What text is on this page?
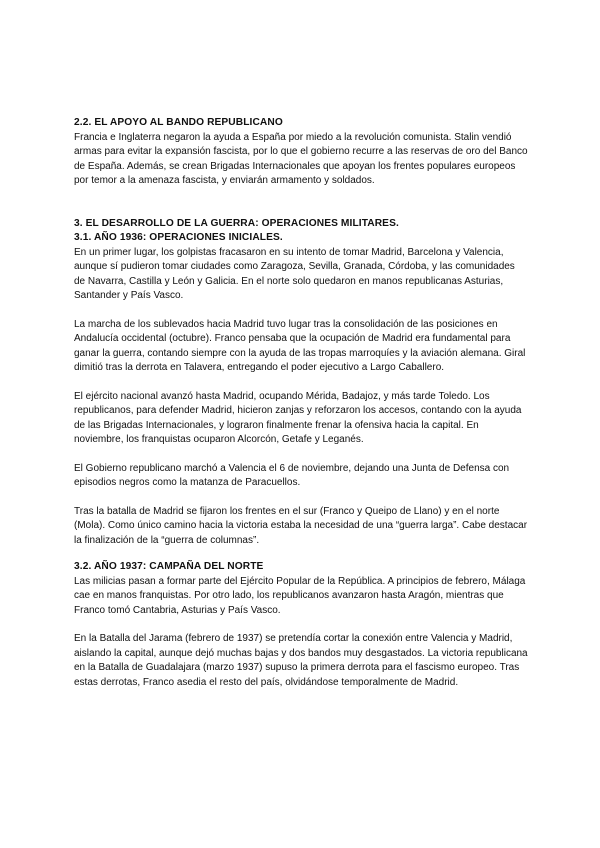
2.2. EL APOYO AL BANDO REPUBLICANO

Francia e Inglaterra negaron la ayuda a España por miedo a la revolución comunista. Stalin vendió armas para evitar la expansión fascista, por lo que el gobierno recurre a las reservas de oro del Banco de España. Además, se crean Brigadas Internacionales que apoyan los frentes populares europeos por temor a la amenaza fascista, y enviarán armamento y soldados.

3. EL DESARROLLO DE LA GUERRA: OPERACIONES MILITARES.
3.1. AÑO 1936: OPERACIONES INICIALES.

En un primer lugar, los golpistas fracasaron en su intento de tomar Madrid, Barcelona y Valencia, aunque sí pudieron tomar ciudades como Zaragoza, Sevilla, Granada, Córdoba, y las comunidades de Navarra, Castilla y León y Galicia. En el norte solo quedaron en manos republicanas Asturias, Santander y País Vasco.

La marcha de los sublevados hacia Madrid tuvo lugar tras la consolidación de las posiciones en Andalucía occidental (octubre). Franco pensaba que la ocupación de Madrid era fundamental para ganar la guerra, contando siempre con la ayuda de las tropas marroquíes y la aviación alemana. Giral dimitió tras la derrota en Talavera, entregando el poder ejecutivo a Largo Caballero.

El ejército nacional avanzó hasta Madrid, ocupando Mérida, Badajoz, y más tarde Toledo. Los republicanos, para defender Madrid, hicieron zanjas y reforzaron los accesos, contando con la ayuda de las Brigadas Internacionales, y lograron finalmente frenar la ofensiva hacia la capital. En noviembre, los franquistas ocuparon Alcorcón, Getafe y Leganés.

El Gobierno republicano marchó a Valencia el 6 de noviembre, dejando una Junta de Defensa con episodios negros como la matanza de Paracuellos.

Tras la batalla de Madrid se fijaron los frentes en el sur (Franco y Queipo de Llano) y en el norte (Mola). Como único camino hacia la victoria estaba la necesidad de una “guerra larga”. Cabe destacar la finalización de la “guerra de columnas”.

3.2. AÑO 1937: CAMPAÑA DEL NORTE

Las milicias pasan a formar parte del Ejército Popular de la República. A principios de febrero, Málaga cae en manos franquistas. Por otro lado, los republicanos avanzaron hasta Aragón, mientras que Franco tomó Cantabria, Asturias y País Vasco.

En la Batalla del Jarama (febrero de 1937) se pretendía cortar la conexión entre Valencia y Madrid, aislando la capital, aunque dejó muchas bajas y dos bandos muy desgastados. La victoria republicana en la Batalla de Guadalajara (marzo 1937) supuso la primera derrota para el fascismo europeo. Tras estas derrotas, Franco asedia el resto del país, olvidándose temporalmente de Madrid.
